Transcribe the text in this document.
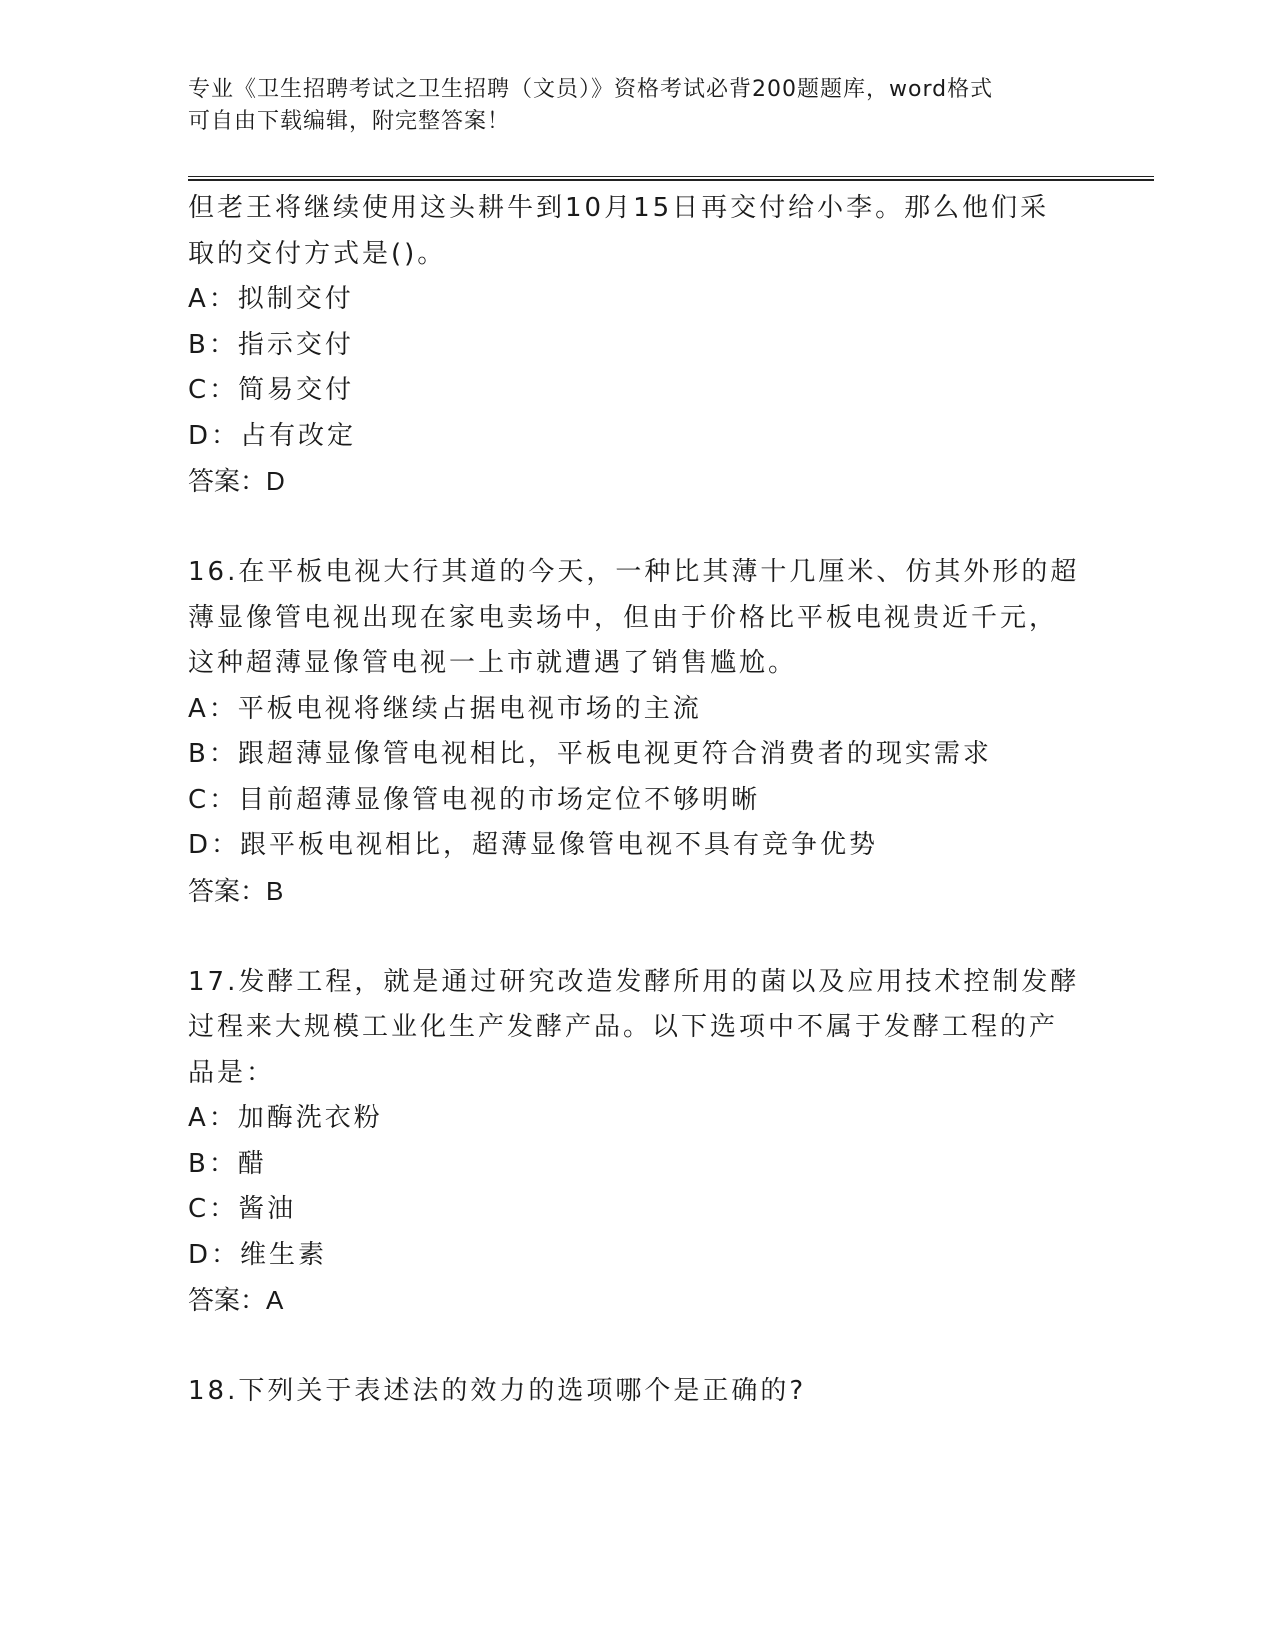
专业《卫生招聘考试之卫生招聘（文员）》资格考试必背200题题库，word格式
可自由下载编辑，附完整答案！
但老王将继续使用这头耕牛到10月15日再交付给小李。那么他们采
取的交付方式是()。
A：拟制交付
B：指示交付
C：简易交付
D：占有改定
答案：D
16.在平板电视大行其道的今天，一种比其薄十几厘米、仿其外形的超
薄显像管电视出现在家电卖场中，但由于价格比平板电视贵近千元，
这种超薄显像管电视一上市就遭遇了销售尴尬。
A：平板电视将继续占据电视市场的主流
B：跟超薄显像管电视相比，平板电视更符合消费者的现实需求
C：目前超薄显像管电视的市场定位不够明晰
D：跟平板电视相比，超薄显像管电视不具有竞争优势
答案：B
17.发酵工程，就是通过研究改造发酵所用的菌以及应用技术控制发酵
过程来大规模工业化生产发酵产品。以下选项中不属于发酵工程的产
品是：
A：加酶洗衣粉
B：醋
C：酱油
D：维生素
答案：A
18.下列关于表述法的效力的选项哪个是正确的?
